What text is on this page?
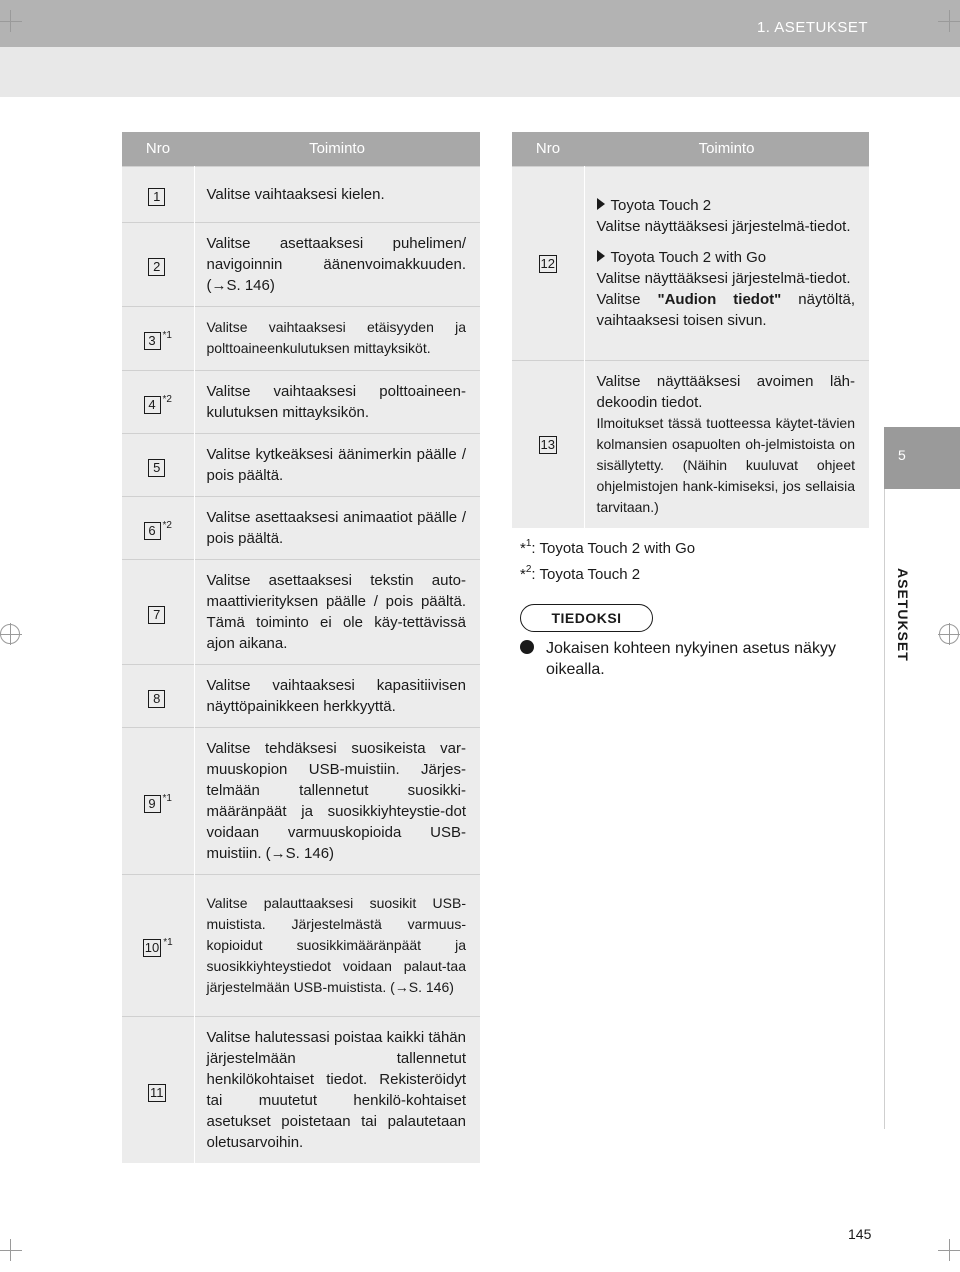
1. ASETUKSET
5
ASETUKSET
Nro	Toiminto
1	Valitse vaihtaaksesi kielen.
2	Valitse asettaaksesi puhelimen/ navigoinnin äänenvoimakkuuden. (→S. 146)
3 $^{*1}$	Valitse vaihtaaksesi etäisyyden ja polttoaineenkulutuksen mittayksiköt.
4 $^{*2}$	Valitse vaihtaaksesi polttoaineen-kulutuksen mittayksikön.
5	Valitse kytkeäksesi äänimerkin päälle / pois päältä.
6 $^{*2}$	Valitse asettaaksesi animaatiot päälle / pois päältä.
7	Valitse asettaaksesi tekstin auto-maattivierityksen päälle / pois päältä. Tämä toiminto ei ole käy-tettävissä ajon aikana.
8	Valitse vaihtaaksesi kapasitiivisen näyttöpainikkeen herkkyyttä.
9 $^{*1}$	Valitse tehdäksesi suosikeista var-muuskopion USB-muistiin. Järjes-telmään tallennetut suosikki-määränpäät ja suosikkiyhteystie-dot voidaan varmuuskopioida USB-muistiin. (→S. 146)
10 $^{*1}$	Valitse palauttaaksesi suosikit USB-muistista. Järjestelmästä varmuus-kopioidut suosikkimääränpäät ja suosikkiyhteystiedot voidaan palaut-taa järjestelmään USB-muistista. (→S. 146)
11	Valitse halutessasi poistaa kaikki tähän järjestelmään tallennetut henkilökohtaiset tiedot. Rekisteröidyt tai muutetut henkilö-kohtaiset asetukset poistetaan tai palautetaan oletusarvoihin.
Nro	Toiminto
12	Toyota Touch 2
Valitse näyttääksesi järjestelmä-tiedot.
Toyota Touch 2 with Go
Valitse näyttääksesi järjestelmä-tiedot.
Valitse "Audion tiedot" näytöltä, vaihtaaksesi toisen sivun.

13	Valitse näyttääksesi avoimen läh-dekoodin tiedot.
Ilmoitukset tässä tuotteessa käytet-tävien kolmansien osapuolten oh-jelmistoista on sisällytetty. (Näihin kuuluvat ohjeet ohjelmistojen hank-kimiseksi, jos sellaisia tarvitaan.)
*$^1$: Toyota Touch 2 with Go
*$^2$: Toyota Touch 2
TIEDOKSI
Jokaisen kohteen nykyinen asetus näkyy oikealla.
145
